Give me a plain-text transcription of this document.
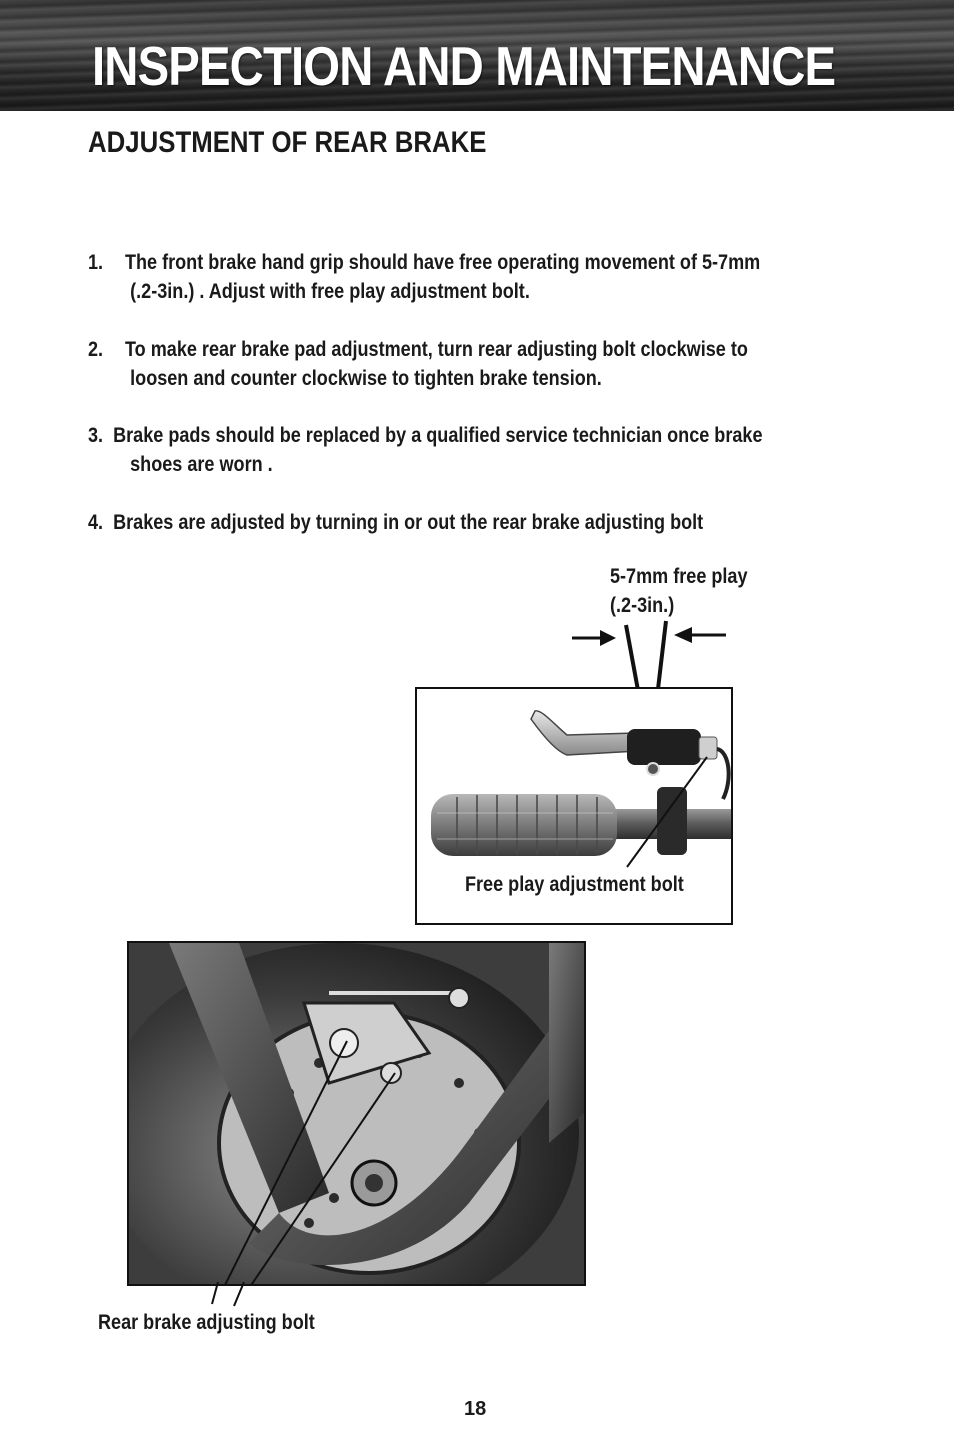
INSPECTION AND MAINTENANCE
ADJUSTMENT OF REAR BRAKE
1. The front brake hand grip should have free operating movement of 5-7mm
(.2-3in.) . Adjust with free play adjustment bolt.
2. To make rear brake pad adjustment, turn rear adjusting bolt clockwise to
loosen and counter clockwise to tighten brake tension.
3. Brake pads should be replaced by a qualified service technician once brake
shoes are worn .
4. Brakes are adjusted by turning in or out the rear brake adjusting bolt
5-7mm free play
(.2-3in.)
Free play adjustment bolt
Rear brake adjusting bolt
18
